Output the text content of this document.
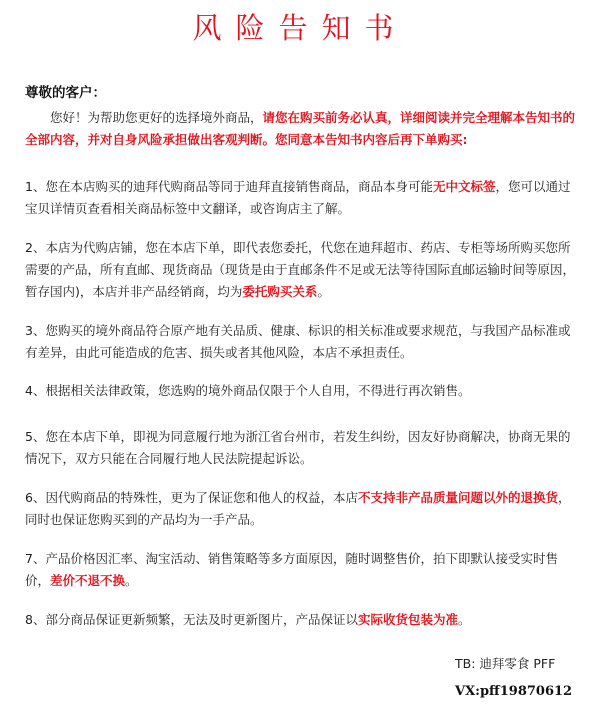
风险告知书
尊敬的客户：
您好！为帮助您更好的选择境外商品，请您在购买前务必认真，详细阅读并完全理解本告知书的全部内容，并对自身风险承担做出客观判断。您同意本告知书内容后再下单购买:
1、您在本店购买的迪拜代购商品等同于迪拜直接销售商品，商品本身可能无中文标签，您可以通过宝贝详情页查看相关商品标签中文翻译，或咨询店主了解。
2、本店为代购店铺，您在本店下单，即代表您委托，代您在迪拜超市、药店、专柜等场所购买您所需要的产品，所有直邮、现货商品（现货是由于直邮条件不足或无法等待国际直邮运输时间等原因，暂存国内)，本店并非产品经销商，均为委托购买关系。
3、您购买的境外商品符合原产地有关品质、健康、标识的相关标准或要求规范，与我国产品标准或有差异，由此可能造成的危害、损失或者其他风险，本店不承担责任。
4、根据相关法律政策，您选购的境外商品仅限于个人自用，不得进行再次销售。
5、您在本店下单，即视为同意履行地为浙江省台州市，若发生纠纷，因友好协商解决，协商无果的情况下，双方只能在合同履行地人民法院提起诉讼。
6、因代购商品的特殊性，更为了保证您和他人的权益，本店不支持非产品质量问题以外的退换货，同时也保证您购买到的产品均为一手产品。
7、产品价格因汇率、淘宝活动、销售策略等多方面原因，随时调整售价，拍下即默认接受实时售价，差价不退不换。
8、部分商品保证更新频繁，无法及时更新图片，产品保证以实际收货包装为准。
TB: 迪拜零食 PFF
VX:pff19870612
